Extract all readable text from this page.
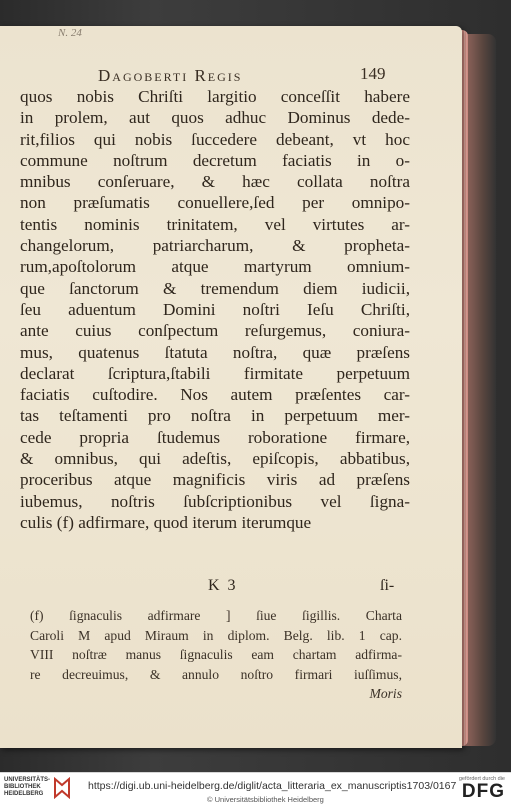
N. 24
Dagoberti Regis	149
quos nobis Chriſti largitio conceſſit habere
in prolem, aut quos adhuc Dominus dede-
rit,filios qui nobis ſuccedere debeant, vt hoc
commune noſtrum decretum faciatis in o-
mnibus conſeruare, & hæc collata noſtra
non præſumatis conuellere,ſed per omnipo-
tentis nominis trinitatem, vel virtutes ar-
changelorum, patriarcharum, & propheta-
rum,apoſtolorum atque martyrum omnium-
que ſanctorum & tremendum diem iudicii,
ſeu aduentum Domini noſtri Ieſu Chriſti,
ante cuius conſpectum reſurgemus, coniura-
mus, quatenus ſtatuta noſtra, quæ præſens
declarat ſcriptura,ſtabili firmitate perpetuum
faciatis cuſtodire. Nos autem præſentes car-
tas teſtamenti pro noſtra in perpetuum mer-
cede propria ſtudemus roboratione firmare,
& omnibus, qui adeſtis, epiſcopis, abbatibus,
proceribus atque magnificis viris ad præſens
iubemus, noſtris ſubſcriptionibus vel ſigna-
culis (f) adfirmare, quod iterum iterumque
K 3	ſi-
(f) ſignaculis adfirmare ] ſiue ſigillis. Charta
Caroli M apud Miraum in diplom. Belg. lib. 1 cap.
VIII noſtræ manus ſignaculis eam chartam adfirma-
re decreuimus, & annulo noſtro firmari iuſſimus,
Moris
UNIVERSITÄTS-
BIBLIOTHEK
HEIDELBERG
https://digi.ub.uni-heidelberg.de/diglit/acta_litteraria_ex_manuscriptis1703/0167
© Universitätsbibliothek Heidelberg
gefördert durch die
DFG
